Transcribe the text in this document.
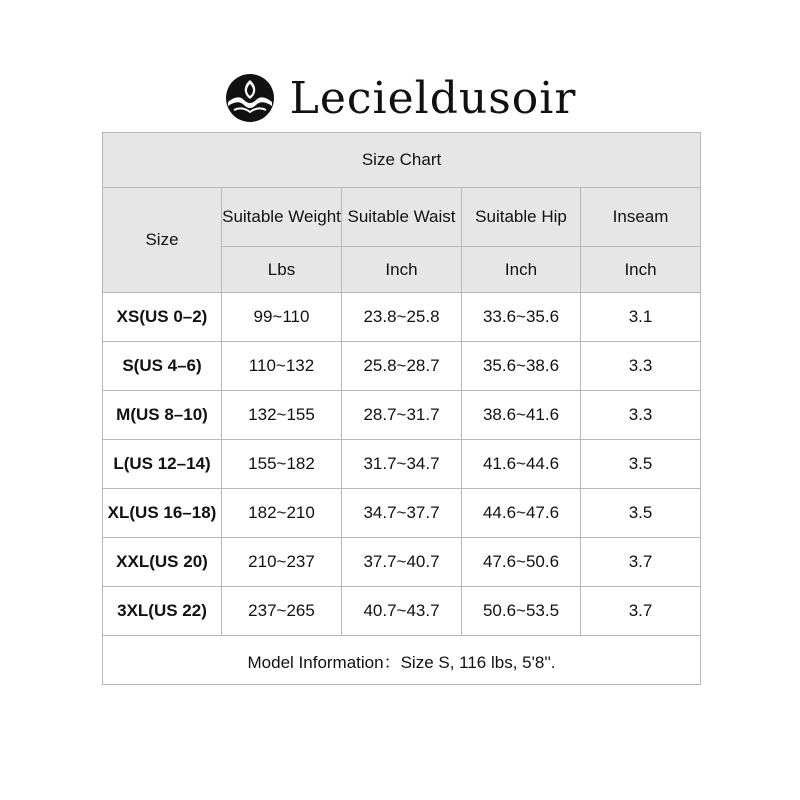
Lecieldusoir
Size Chart				
Size	Suitable Weight	Suitable Waist	Suitable Hip	Inseam
	Lbs	Inch	Inch	Inch
XS(US 0–2)	99~110	23.8~25.8	33.6~35.6	3.1
S(US 4–6)	110~132	25.8~28.7	35.6~38.6	3.3
M(US 8–10)	132~155	28.7~31.7	38.6~41.6	3.3
L(US 12–14)	155~182	31.7~34.7	41.6~44.6	3.5
XL(US 16–18)	182~210	34.7~37.7	44.6~47.6	3.5
XXL(US 20)	210~237	37.7~40.7	47.6~50.6	3.7
3XL(US 22)	237~265	40.7~43.7	50.6~53.5	3.7
Model Information：Size S, 116 lbs, 5'8''.				
